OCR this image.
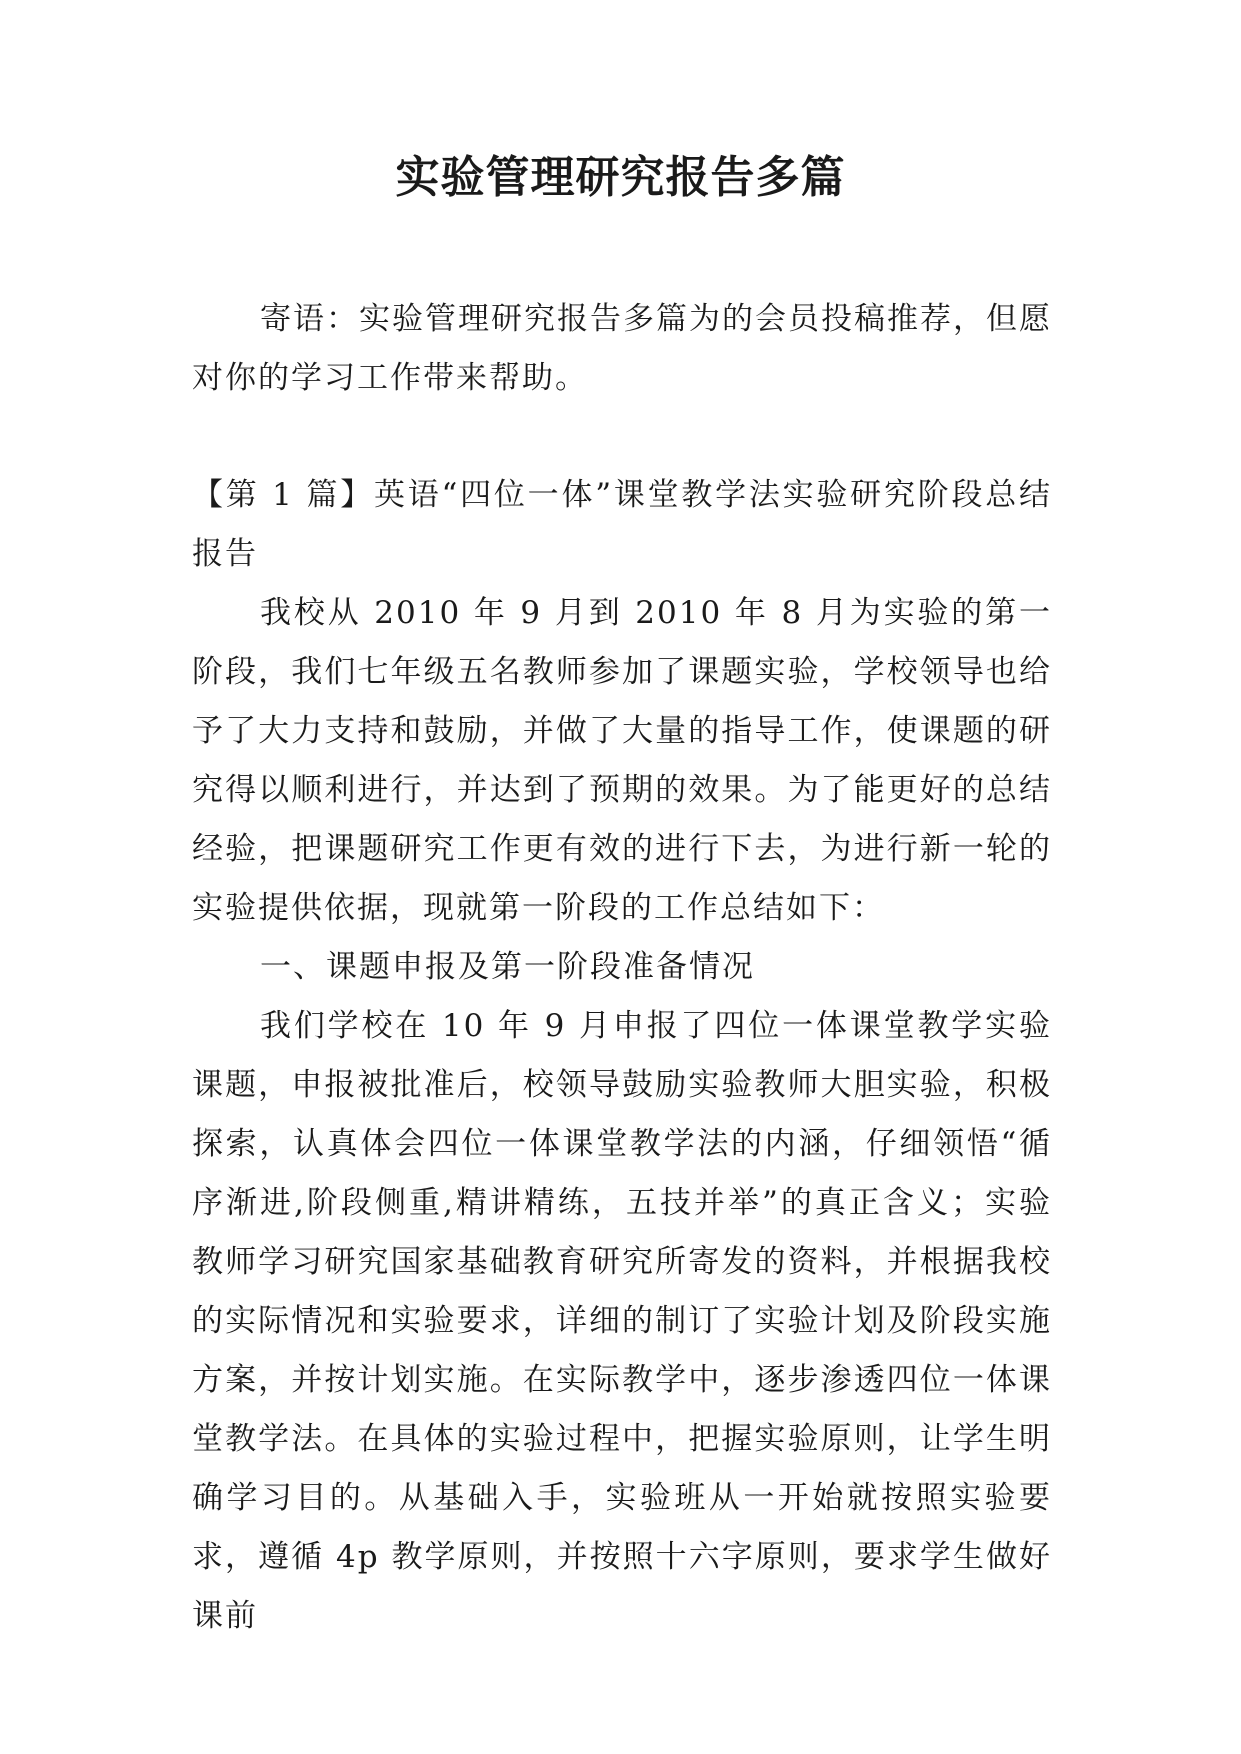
实验管理研究报告多篇

寄语：实验管理研究报告多篇为的会员投稿推荐，但愿对你的学习工作带来帮助。

【第 1 篇】英语“四位一体”课堂教学法实验研究阶段总结报告

我校从 2010 年 9 月到 2010 年 8 月为实验的第一阶段，我们七年级五名教师参加了课题实验，学校领导也给予了大力支持和鼓励，并做了大量的指导工作，使课题的研究得以顺利进行，并达到了预期的效果。为了能更好的总结经验，把课题研究工作更有效的进行下去，为进行新一轮的实验提供依据，现就第一阶段的工作总结如下：

一、课题申报及第一阶段准备情况

我们学校在 10 年 9 月申报了四位一体课堂教学实验课题，申报被批准后，校领导鼓励实验教师大胆实验，积极探索，认真体会四位一体课堂教学法的内涵，仔细领悟“循序渐进,阶段侧重,精讲精练，五技并举”的真正含义；实验教师学习研究国家基础教育研究所寄发的资料，并根据我校的实际情况和实验要求，详细的制订了实验计划及阶段实施方案，并按计划实施。在实际教学中，逐步渗透四位一体课堂教学法。在具体的实验过程中，把握实验原则，让学生明确学习目的。从基础入手，实验班从一开始就按照实验要求，遵循 4p 教学原则，并按照十六字原则，要求学生做好课前
